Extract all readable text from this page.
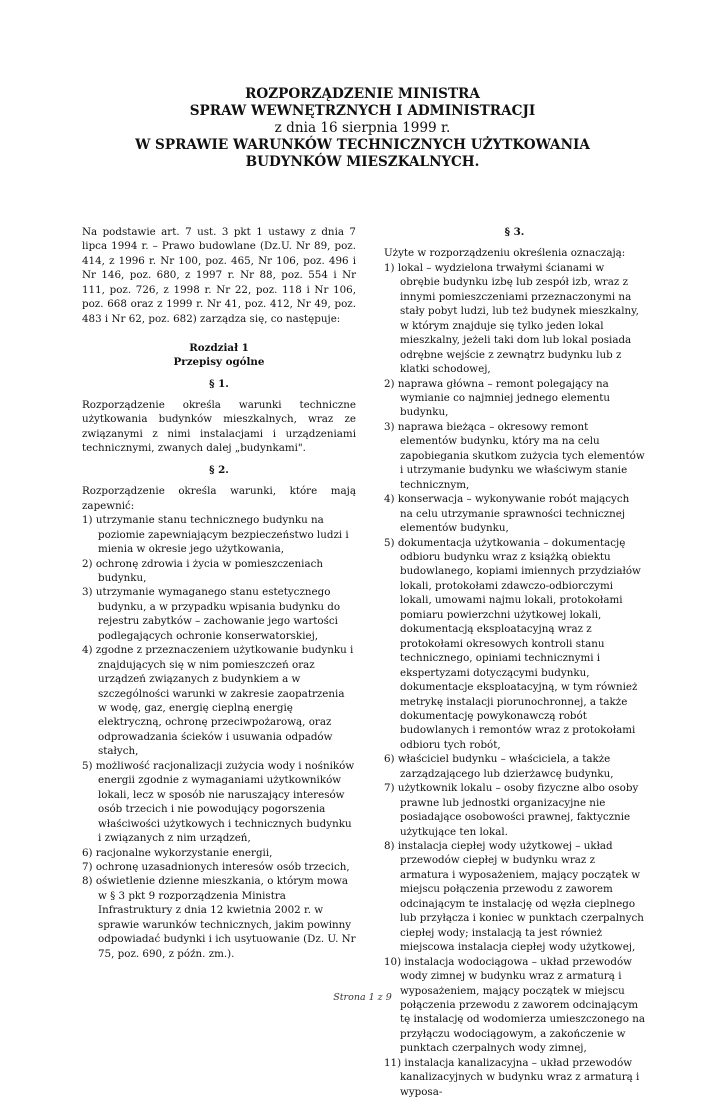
ROZPORZĄDZENIE MINISTRA
SPRAW WEWNĘTRZNYCH I ADMINISTRACJI
z dnia 16 sierpnia 1999 r.
W SPRAWIE WARUNKÓW TECHNICZNYCH UŻYTKOWANIA
BUDYNKÓW MIESZKALNYCH.

Na podstawie art. 7 ust. 3 pkt 1 ustawy z dnia 7 lipca 1994 r. – Prawo budowlane (Dz.U. Nr 89, poz. 414, z 1996 r. Nr 100, poz. 465, Nr 106, poz. 496 i Nr 146, poz. 680, z 1997 r. Nr 88, poz. 554 i Nr 111, poz. 726, z 1998 r. Nr 22, poz. 118 i Nr 106, poz. 668 oraz z 1999 r. Nr 41, poz. 412, Nr 49, poz. 483 i Nr 62, poz. 682) zarządza się, co następuje:

Rozdział 1

Przepisy ogólne

§ 1.

Rozporządzenie określa warunki techniczne użytkowania budynków mieszkalnych, wraz ze związanymi z nimi instalacjami i urządzeniami technicznymi, zwanych dalej „budynkami".

§ 2.

Rozporządzenie określa warunki, które mają zapewnić:

1) utrzymanie stanu technicznego budynku na poziomie zapewniającym bezpieczeństwo ludzi i mienia w okresie jego użytkowania,

2) ochronę zdrowia i życia w pomieszczeniach budynku,

3) utrzymanie wymaganego stanu estetycznego budynku, a w przypadku wpisania budynku do rejestru zabytków – zachowanie jego wartości podlegających ochronie konserwatorskiej,

4) zgodne z przeznaczeniem użytkowanie budynku i znajdujących się w nim pomieszczeń oraz urządzeń związanych z budynkiem a w szczególności warunki w zakresie zaopatrzenia w wodę, gaz, energię cieplną energię elektryczną, ochronę przeciwpożarową, oraz odprowadzania ścieków i usuwania odpadów stałych,

5) możliwość racjonalizacji zużycia wody i nośników energii zgodnie z wymaganiami użytkowników lokali, lecz w sposób nie naruszający interesów osób trzecich i nie powodujący pogorszenia właściwości użytkowych i technicznych budynku i związanych z nim urządzeń,

6) racjonalne wykorzystanie energii,

7) ochronę uzasadnionych interesów osób trzecich,

8) oświetlenie dzienne mieszkania, o którym mowa w § 3 pkt 9 rozporządzenia Ministra Infrastruktury z dnia 12 kwietnia 2002 r. w sprawie warunków technicznych, jakim powinny odpowiadać budynki i ich usytuowanie (Dz. U. Nr 75, poz. 690, z późn. zm.).

§ 3.

Użyte w rozporządzeniu określenia oznaczają:

1) lokal – wydzielona trwałymi ścianami w obrębie budynku izbę lub zespół izb, wraz z innymi pomieszczeniami przeznaczonymi na stały pobyt ludzi, lub też budynek mieszkalny, w którym znajduje się tylko jeden lokal mieszkalny, jeżeli taki dom lub lokal posiada odrębne wejście z zewnątrz budynku lub z klatki schodowej,

2) naprawa główna – remont polegający na wymianie co najmniej jednego elementu budynku,

3) naprawa bieżąca – okresowy remont elementów budynku, który ma na celu zapobiegania skutkom zużycia tych elementów i utrzymanie budynku we właściwym stanie technicznym,

4) konserwacja – wykonywanie robót mających na celu utrzymanie sprawności technicznej elementów budynku,

5) dokumentacja użytkowania – dokumentację odbioru budynku wraz z książką obiektu budowlanego, kopiami imiennych przydziałów lokali, protokołami zdawczo-odbiorczymi lokali, umowami najmu lokali, protokołami pomiaru powierzchni użytkowej lokali, dokumentacją eksploatacyjną wraz z protokołami okresowych kontroli stanu technicznego, opiniami technicznymi i ekspertyzami dotyczącymi budynku, dokumentacje eksploatacyjną, w tym również metrykę instalacji piorunochronnej, a także dokumentację powykonawczą robót budowlanych i remontów wraz z protokołami odbioru tych robót,

6) właściciel budynku – właściciela, a także zarządzającego lub dzierżawcę budynku,

7) użytkownik lokalu – osoby fizyczne albo osoby prawne lub jednostki organizacyjne nie posiadające osobowości prawnej, faktycznie użytkujące ten lokal.

8) instalacja ciepłej wody użytkowej – układ przewodów ciepłej w budynku wraz z armatura i wyposażeniem, mający początek w miejscu połączenia przewodu z zaworem odcinającym te instalację od węzła cieplnego lub przyłącza i koniec w punktach czerpalnych ciepłej wody; instalacją ta jest również miejscowa instalacja ciepłej wody użytkowej,

10) instalacja wodociągowa – układ przewodów wody zimnej w budynku wraz z armaturą i wyposażeniem, mający początek w miejscu połączenia przewodu z zaworem odcinającym tę instalację od wodomierza umieszczonego na przyłączu wodociągowym, a zakończenie w punktach czerpalnych wody zimnej,

11) instalacja kanalizacyjna – układ przewodów kanalizacyjnych w budynku wraz z armaturą i wyposa-

Strona 1 z 9
